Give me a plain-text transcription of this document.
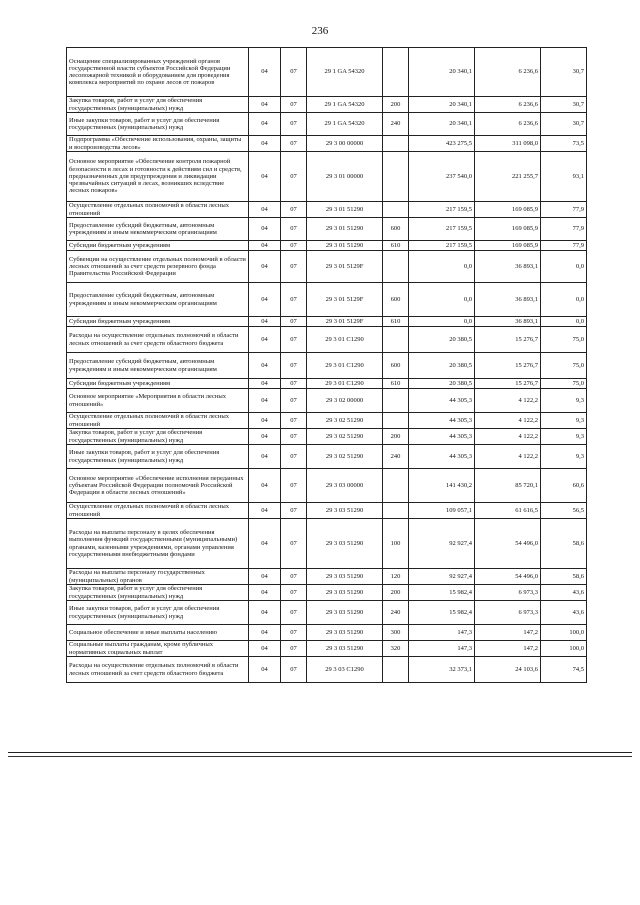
236
Оснащение специализированных учреждений органов государственной власти субъектов Российской Федерации лесопожарной техникой и оборудованием для проведения комплекса мероприятий по охране лесов от пожаров	04	07	29 1 GA 54320		20 340,1	6 236,6	30,7
Закупка товаров, работ и услуг для обеспечения государственных (муниципальных) нужд	04	07	29 1 GA 54320	200	20 340,1	6 236,6	30,7
Иные закупки товаров, работ и услуг для обеспечения государственных (муниципальных) нужд	04	07	29 1 GA 54320	240	20 340,1	6 236,6	30,7
Подпрограмма «Обеспечение использования, охраны, защиты и воспроизводства лесов»	04	07	29 3 00 00000		423 275,5	311 098,0	73,5
Основное мероприятие «Обеспечение контроля пожарной безопасности в лесах и готовности к действиям сил и средств, предназначенных для предупреждения и ликвидации чрезвычайных ситуаций в лесах, возникших вследствие лесных пожаров»	04	07	29 3 01 00000		237 540,0	221 255,7	93,1
Осуществление отдельных полномочий в области лесных отношений	04	07	29 3 01 51290		217 159,5	169 085,9	77,9
Предоставление субсидий бюджетным, автономным учреждениям и иным некоммерческим организациям	04	07	29 3 01 51290	600	217 159,5	169 085,9	77,9
Субсидии бюджетным учреждениям	04	07	29 3 01 51290	610	217 159,5	169 085,9	77,9
Субвенции на осуществление отдельных полномочий в области лесных отношений за счет средств резервного фонда Правительства Российской Федерации	04	07	29 3 01 5129F		0,0	36 893,1	0,0
Предоставление субсидий бюджетным, автономным учреждениям и иным некоммерческим организациям	04	07	29 3 01 5129F	600	0,0	36 893,1	0,0
Субсидии бюджетным учреждениям	04	07	29 3 01 5129F	610	0,0	36 893,1	0,0
Расходы на осуществление отдельных полномочий в области лесных отношений за счет средств областного бюджета	04	07	29 3 01 С1290		20 380,5	15 276,7	75,0
Предоставление субсидий бюджетным, автономным учреждениям и иным некоммерческим организациям	04	07	29 3 01 С1290	600	20 380,5	15 276,7	75,0
Субсидии бюджетным учреждениям	04	07	29 3 01 С1290	610	20 380,5	15 276,7	75,0
Основное мероприятие «Мероприятия в области лесных отношений»	04	07	29 3 02 00000		44 305,3	4 122,2	9,3
Осуществление отдельных полномочий в области лесных отношений	04	07	29 3 02 51290		44 305,3	4 122,2	9,3
Закупка товаров, работ и услуг для обеспечения государственных (муниципальных) нужд	04	07	29 3 02 51290	200	44 305,3	4 122,2	9,3
Иные закупки товаров, работ и услуг для обеспечения государственных (муниципальных) нужд	04	07	29 3 02 51290	240	44 305,3	4 122,2	9,3
Основное мероприятие «Обеспечение исполнения переданных субъектам Российской Федерации полномочий Российской Федерации в области лесных отношений»	04	07	29 3 03 00000		141 430,2	85 720,1	60,6
Осуществление отдельных полномочий в области лесных отношений	04	07	29 3 03 51290		109 057,1	61 616,5	56,5
Расходы на выплаты персоналу в целях обеспечения выполнения функций государственными (муниципальными) органами, казенными учреждениями, органами управления государственными внебюджетными фондами	04	07	29 3 03 51290	100	92 927,4	54 496,0	58,6
Расходы на выплаты персоналу государственных (муниципальных) органов	04	07	29 3 03 51290	120	92 927,4	54 496,0	58,6
Закупка товаров, работ и услуг для обеспечения государственных (муниципальных) нужд	04	07	29 3 03 51290	200	15 982,4	6 973,3	43,6
Иные закупки товаров, работ и услуг для обеспечения государственных (муниципальных) нужд	04	07	29 3 03 51290	240	15 982,4	6 973,3	43,6
Социальное обеспечение и иные выплаты населению	04	07	29 3 03 51290	300	147,3	147,2	100,0
Социальные выплаты гражданам, кроме публичных нормативных социальных выплат	04	07	29 3 03 51290	320	147,3	147,2	100,0
Расходы на осуществление отдельных полномочий в области лесных отношений за счет средств областного бюджета	04	07	29 3 03 С1290		32 373,1	24 103,6	74,5
